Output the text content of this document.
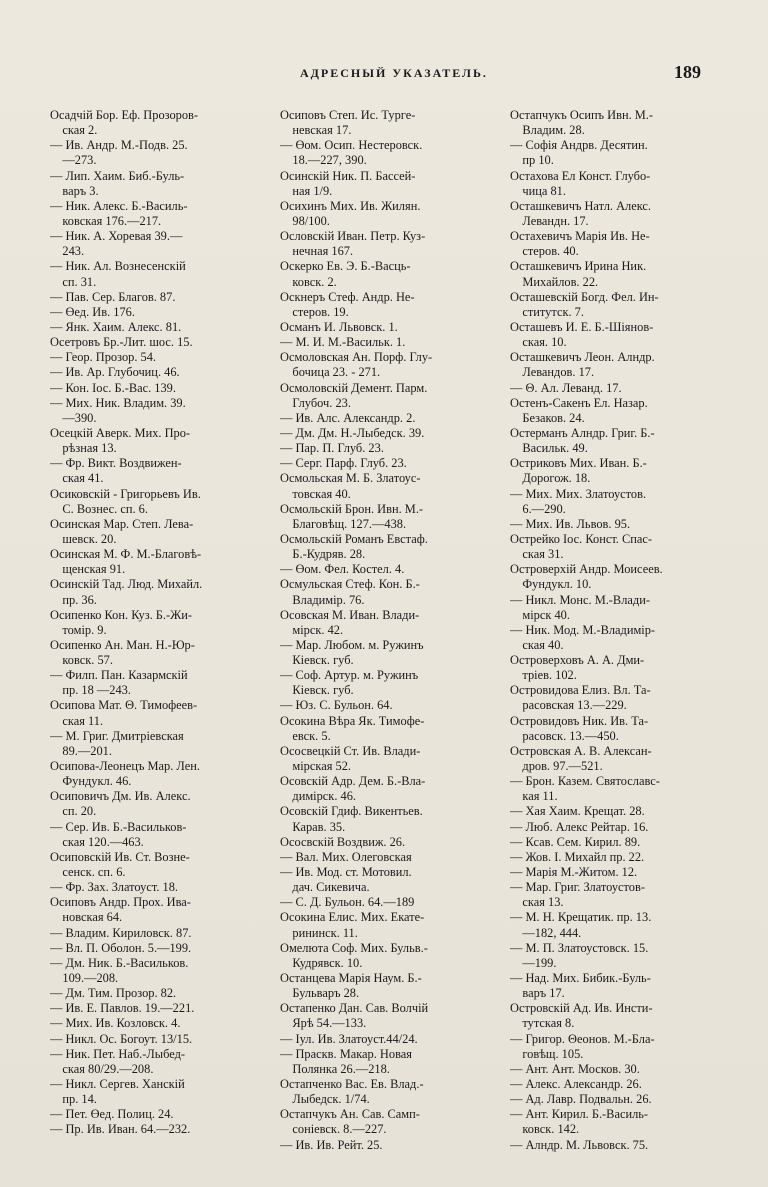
АДРЕСНЫЙ УКАЗАТЕЛЬ.	189
Осадчій Бор. Еф. Прозоров-
 ская 2.
— Ив. Андр. М.-Подв. 25.
 —273.
— Лип. Хаим. Биб.-Буль-
 варъ 3.
— Ник. Алекс. Б.-Василь-
 ковская 176.—217.
— Ник. А. Хоревая 39.—
 243.
— Ник. Ал. Вознесенскій
 сп. 31.
— Пав. Сер. Благов. 87.
— Өед. Ив. 176.
— Янк. Хаим. Алекс. 81.
Осетровъ Бр.-Лит. шос. 15.
— Геор. Прозор. 54.
— Ив. Ар. Глубочиц. 46.
— Кон. Іос. Б.-Вас. 139.
— Мих. Ник. Владим. 39.
 —390.
Осецкій Аверк. Мих. Про-
 рѣзная 13.
— Фр. Викт. Воздвижен-
 ская 41.
Осиковскій - Григорьевъ Ив.
 С. Вознес. сп. 6.
Осинская Мар. Степ. Лева-
 шевск. 20.
Осинская М. Ф. М.-Благовѣ-
 щенская 91.
Осинскій Тад. Люд. Михайл.
 пр. 36.
Осипенко Кон. Куз. Б.-Жи-
 томір. 9.
Осипенко Ан. Ман. Н.-Юр-
 ковск. 57.
— Филп. Пан. Казармскій
 пр. 18 —243.
Осипова Мат. Θ. Тимофеев-
 ская 11.
— М. Григ. Дмитріевская
 89.—201.
Осипова-Леонецъ Мар. Лен.
 Фундукл. 46.
Осиповичъ Дм. Ив. Алекс.
 сп. 20.
— Сер. Ив. Б.-Васильков-
 ская 120.—463.
Осиповскій Ив. Ст. Возне-
 сенск. сп. 6.
— Фр. Зах. Златоуст. 18.
Осиповъ Андр. Прох. Ива-
 новская 64.
— Владим. Кириловск. 87.
— Вл. П. Оболон. 5.—199.
— Дм. Ник. Б.-Васильков.
 109.—208.
— Дм. Тим. Прозор. 82.
— Ив. Е. Павлов. 19.—221.
— Мих. Ив. Козловск. 4.
— Никл. Ос. Богоут. 13/15.
— Ник. Пет. Наб.-Лыбед-
 ская 80/29.—208.
— Никл. Сергев. Ханскій
 пр. 14.
— Пет. Өед. Полиц. 24.
— Пр. Ив. Иван. 64.—232.
Осиповъ Степ. Ис. Турге-
 невская 17.
— Өом. Осип. Нестеровск.
 18.—227, 390.
Осинскій Ник. П. Бассей-
 ная 1/9.
Осихинъ Мих. Ив. Жилян.
 98/100.
Ословскій Иван. Петр. Куз-
 нечная 167.
Оскерко Ев. Э. Б.-Васць-
 ковск. 2.
Оскнеръ Стеф. Андр. Не-
 стеров. 19.
Османъ И. Львовск. 1.
— М. И. М.-Васильк. 1.
Осмоловская Ан. Порф. Глу-
 бочица 23. - 271.
Осмоловскій Демент. Парм.
 Глубоч. 23.
— Ив. Алс. Александр. 2.
— Дм. Дм. Н.-Лыбедск. 39.
— Пар. П. Глуб. 23.
— Серг. Парф. Глуб. 23.
Осмольская М. Б. Златоус-
 товская 40.
Осмольскій Брон. Ивн. М.-
 Благовѣщ. 127.—438.
Осмольскій Романъ Евстаф.
 Б.-Кудряв. 28.
— Өом. Фел. Костел. 4.
Осмульская Стеф. Кон. Б.-
 Владимір. 76.
Осовская М. Иван. Влади-
 мірск. 42.
— Мар. Любом. м. Ружинъ
 Кіевск. губ.
— Соф. Артур. м. Ружинъ
 Кіевск. губ.
— Юз. С. Бульон. 64.
Осокина Вѣра Як. Тимофе-
 евск. 5.
Ососвецкій Ст. Ив. Влади-
 мірская 52.
Осовскій Адр. Дем. Б.-Вла-
 димірск. 46.
Осовскій Гдиф. Викентьев.
 Карав. 35.
Ососвскій Воздвиж. 26.
— Вал. Мих. Олеговская
— Ив. Мод. ст. Мотовил.
 дач. Сикевича.
— С. Д. Бульон. 64.—189
Осокина Елис. Мих. Екате-
 рининск. 11.
Омелюта Соф. Мих. Бульв.-
 Кудрявск. 10.
Останцева Марія Наум. Б.-
 Бульваръ 28.
Остапенко Дан. Сав. Волчій
 Ярѣ 54.—133.
— Іул. Ив. Златоуст.44/24.
— Праскв. Макар. Новая
 Полянка 26.—218.
Остапченко Вас. Ев. Влад.-
 Лыбедск. 1/74.
Остапчукъ Ан. Сав. Самп-
 соніевск. 8.—227.
— Ив. Ив. Рейт. 25.
Остапчукъ Осипъ Ивн. М.-
 Владим. 28.
— Софія Андрв. Десятин.
 пр 10.
Остахова Ел Конст. Глубо-
 чица 81.
Осташкевичъ Натл. Алекс.
 Левандн. 17.
Остахевичъ Марія Ив. Не-
 стеров. 40.
Осташкевичъ Ирина Ник.
 Михайлов. 22.
Осташевскій Богд. Фел. Ин-
 ститутск. 7.
Осташевъ И. Е. Б.-Шіянов-
 ская. 10.
Осташкевичъ Леон. Алндр.
 Левандов. 17.
— Θ. Ал. Леванд. 17.
Остенъ-Сакенъ Ел. Назар.
 Безаков. 24.
Остерманъ Алндр. Григ. Б.-
 Васильк. 49.
Остриковъ Мих. Иван. Б.-
 Дорогож. 18.
— Мих. Мих. Златоустов.
 6.—290.
— Мих. Ив. Львов. 95.
Острейко Іос. Конст. Спас-
 ская 31.
Островерхій Андр. Моисеев.
 Фундукл. 10.
— Никл. Монс. М.-Влади-
 мірск 40.
— Ник. Мод. М.-Владимір-
 ская 40.
Островерховъ А. А. Дми-
 тріев. 102.
Островидова Елиз. Вл. Та-
 расовская 13.—229.
Островидовъ Ник. Ив. Та-
 расовск. 13.—450.
Островская А. В. Алексан-
 дров. 97.—521.
— Брон. Казем. Святославс-
 кая 11.
— Хая Хаим. Крещат. 28.
— Люб. Алекс Рейтар. 16.
— Ксав. Сем. Кирил. 89.
— Жов. І. Михайл пр. 22.
— Марія М.-Житом. 12.
— Мар. Григ. Златоустов-
 ская 13.
— М. Н. Крещатик. пр. 13.
 —182, 444.
— М. П. Златоустовск. 15.
 —199.
— Над. Мих. Бибик.-Буль-
 варъ 17.
Островскій Ад. Ив. Инсти-
 тутская 8.
— Григор. Θеонов. М.-Бла-
 говѣщ. 105.
— Ант. Ант. Москов. 30.
— Алекс. Александр. 26.
— Ад. Лавр. Подвальн. 26.
— Ант. Кирил. Б.-Василь-
 ковск. 142.
— Алндр. М. Львовск. 75.
